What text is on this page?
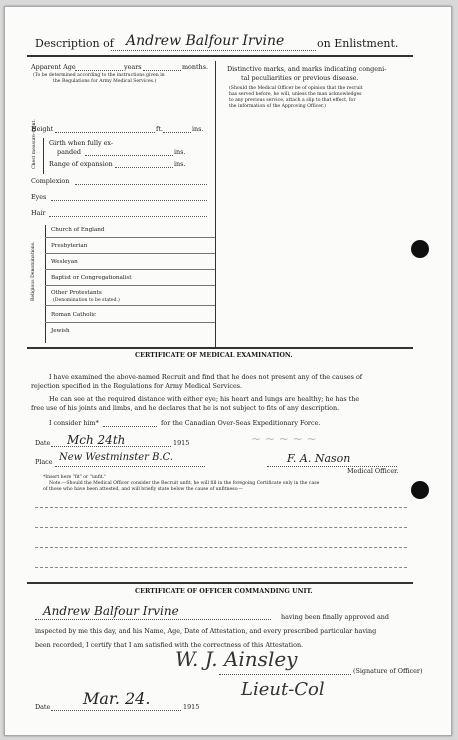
Description of Andrew Balfour Irvine	on Enlistment.
Apparent Age	years	months.
(To be determined according to the instructions given in
the Regulations for Army Medical Services.)
Height	ft.	ins.
Chest measure-ment. Girth when fully ex-
panded	ins.
Range of expansion	ins.
Complexion
Eyes
Hair
Religious Denominations.
Church of England
Presbyterian
Wesleyan
Baptist or Congregationalist
Other Protestants
(Denomination to be stated.)
Roman Catholic
Jewish
Distinctive marks, and marks indicating congeni-
tal peculiarities or previous disease.
(Should the Medical Officer be of opinion that the recruit
has served before, he will, unless the man acknowledges
to any previous service, attach a slip to that effect, for
the information of the Approving Officer.)
CERTIFICATE OF MEDICAL EXAMINATION.
I have examined the above-named Recruit and find that he does not present any of the causes of
rejection specified in the Regulations for Army Medical Services.
He can see at the required distance with either eye; his heart and lungs are healthy; he has the
free use of his joints and limbs, and he declares that he is not subject to fits of any description.
I consider him*	for the Canadian Over-Seas Expeditionary Force.
Date Mch 24th	1915
Place New Westminster B.C.	F. A. Nason
Medical Officer.
~ ~ ~ ~ ~
*Insert here "fit" or "unfit."
Note.—Should the Medical Officer consider the Recruit unfit, he will fill in the foregoing Certificate only in the case
of those who have been attested, and will briefly state below the cause of unfitness:—
CERTIFICATE OF OFFICER COMMANDING UNIT.
Andrew Balfour Irvine	having been finally approved and
inspected by me this day, and his Name, Age, Date of Attestation, and every prescribed particular having
been recorded, I certify that I am satisfied with the correctness of this Attestation.
W. J. Ainsley	(Signature of Officer)
Lieut-Col
Date Mar. 24.	1915
